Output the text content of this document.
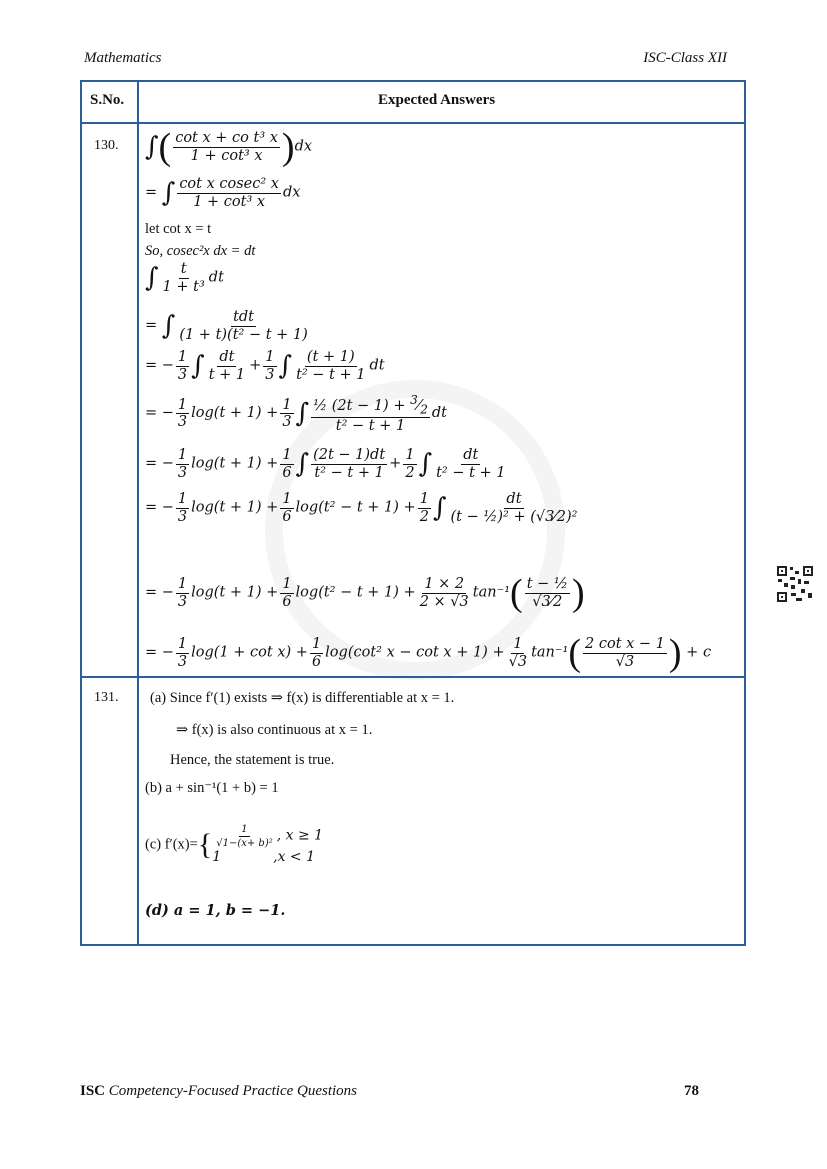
Mathematics	ISC-Class XII
S.No.	Expected Answers
130. ∫( $\frac{\text{cot x + co t³ x}}{\text{1 + cot³ x}} )dx$
= ∫ $\frac{\text{cot x cosec² x}}{\text{1 + cot³ x}}$ dx
let cot x = t
So, cosec²x dx = dt
∫ $\frac{t}{\text{1 + t³}}$ dt
= ∫ $\frac{\text{tdt}}{\text{(1 + t)(t² − t + 1)}}$
= − $\frac{1}{3}$ ∫ $\frac{dt}{t + 1} + \frac{1}{3}$ ∫ $\frac{(t + 1)}{\text{t² − t + 1}}$ dt
= − $\frac{1}{3} \log(t + 1) + \frac{1}{3}$ ∫ $\frac{\frac{1}{2} (2t - 1) + ^3⁄_2}{\text{t² − t + 1}}$ dt
= − $\frac{1}{3} \log(t + 1) + \frac{1}{6}$ ∫ $\frac{(2t - 1)dt}{\text{t² − t + 1}} + \frac{1}{2}$ ∫ $\frac{dt}{\text{t² − t + 1}}$
= − $\frac{1}{3} \log(t + 1) + \frac{1}{6} \log(t^2 - t + 1) + \frac{1}{2}$ ∫ $\frac{dt}{\text{(t − ½)² + (√3⁄2)²}}$
= − $\frac{1}{3} \log(t + 1) + \frac{1}{6} \log(t^2 - t + 1) + \frac{1 \times 2}{2 \times √3} \tan^{-1}( \frac{\text{t − ½}}{√3⁄2}$ )
= − $\frac{1}{3} \log(1 + \cot x) + \frac{1}{6} \log(\cot^2$ $x - \cot x + 1) + \frac{1}{√3} \tan^{-1}( \frac{\text{2 cot x − 1}}{√3}$ ) + c
131. (a) Since f′(1) exists ⇒ f(x) is differentiable at x = 1.
⇒ f(x) is also continuous at x = 1.
Hence, the statement is true.
(b) a + sin⁻¹(1 + b) = 1
(c) $f'(x)=\{ \frac{1}{\text{√1−(x+ b)²}}$ , x ≥ 1
1	,x < 1
(d) a = 1, b = −1.
ISC Competency-Focused Practice Questions	78
